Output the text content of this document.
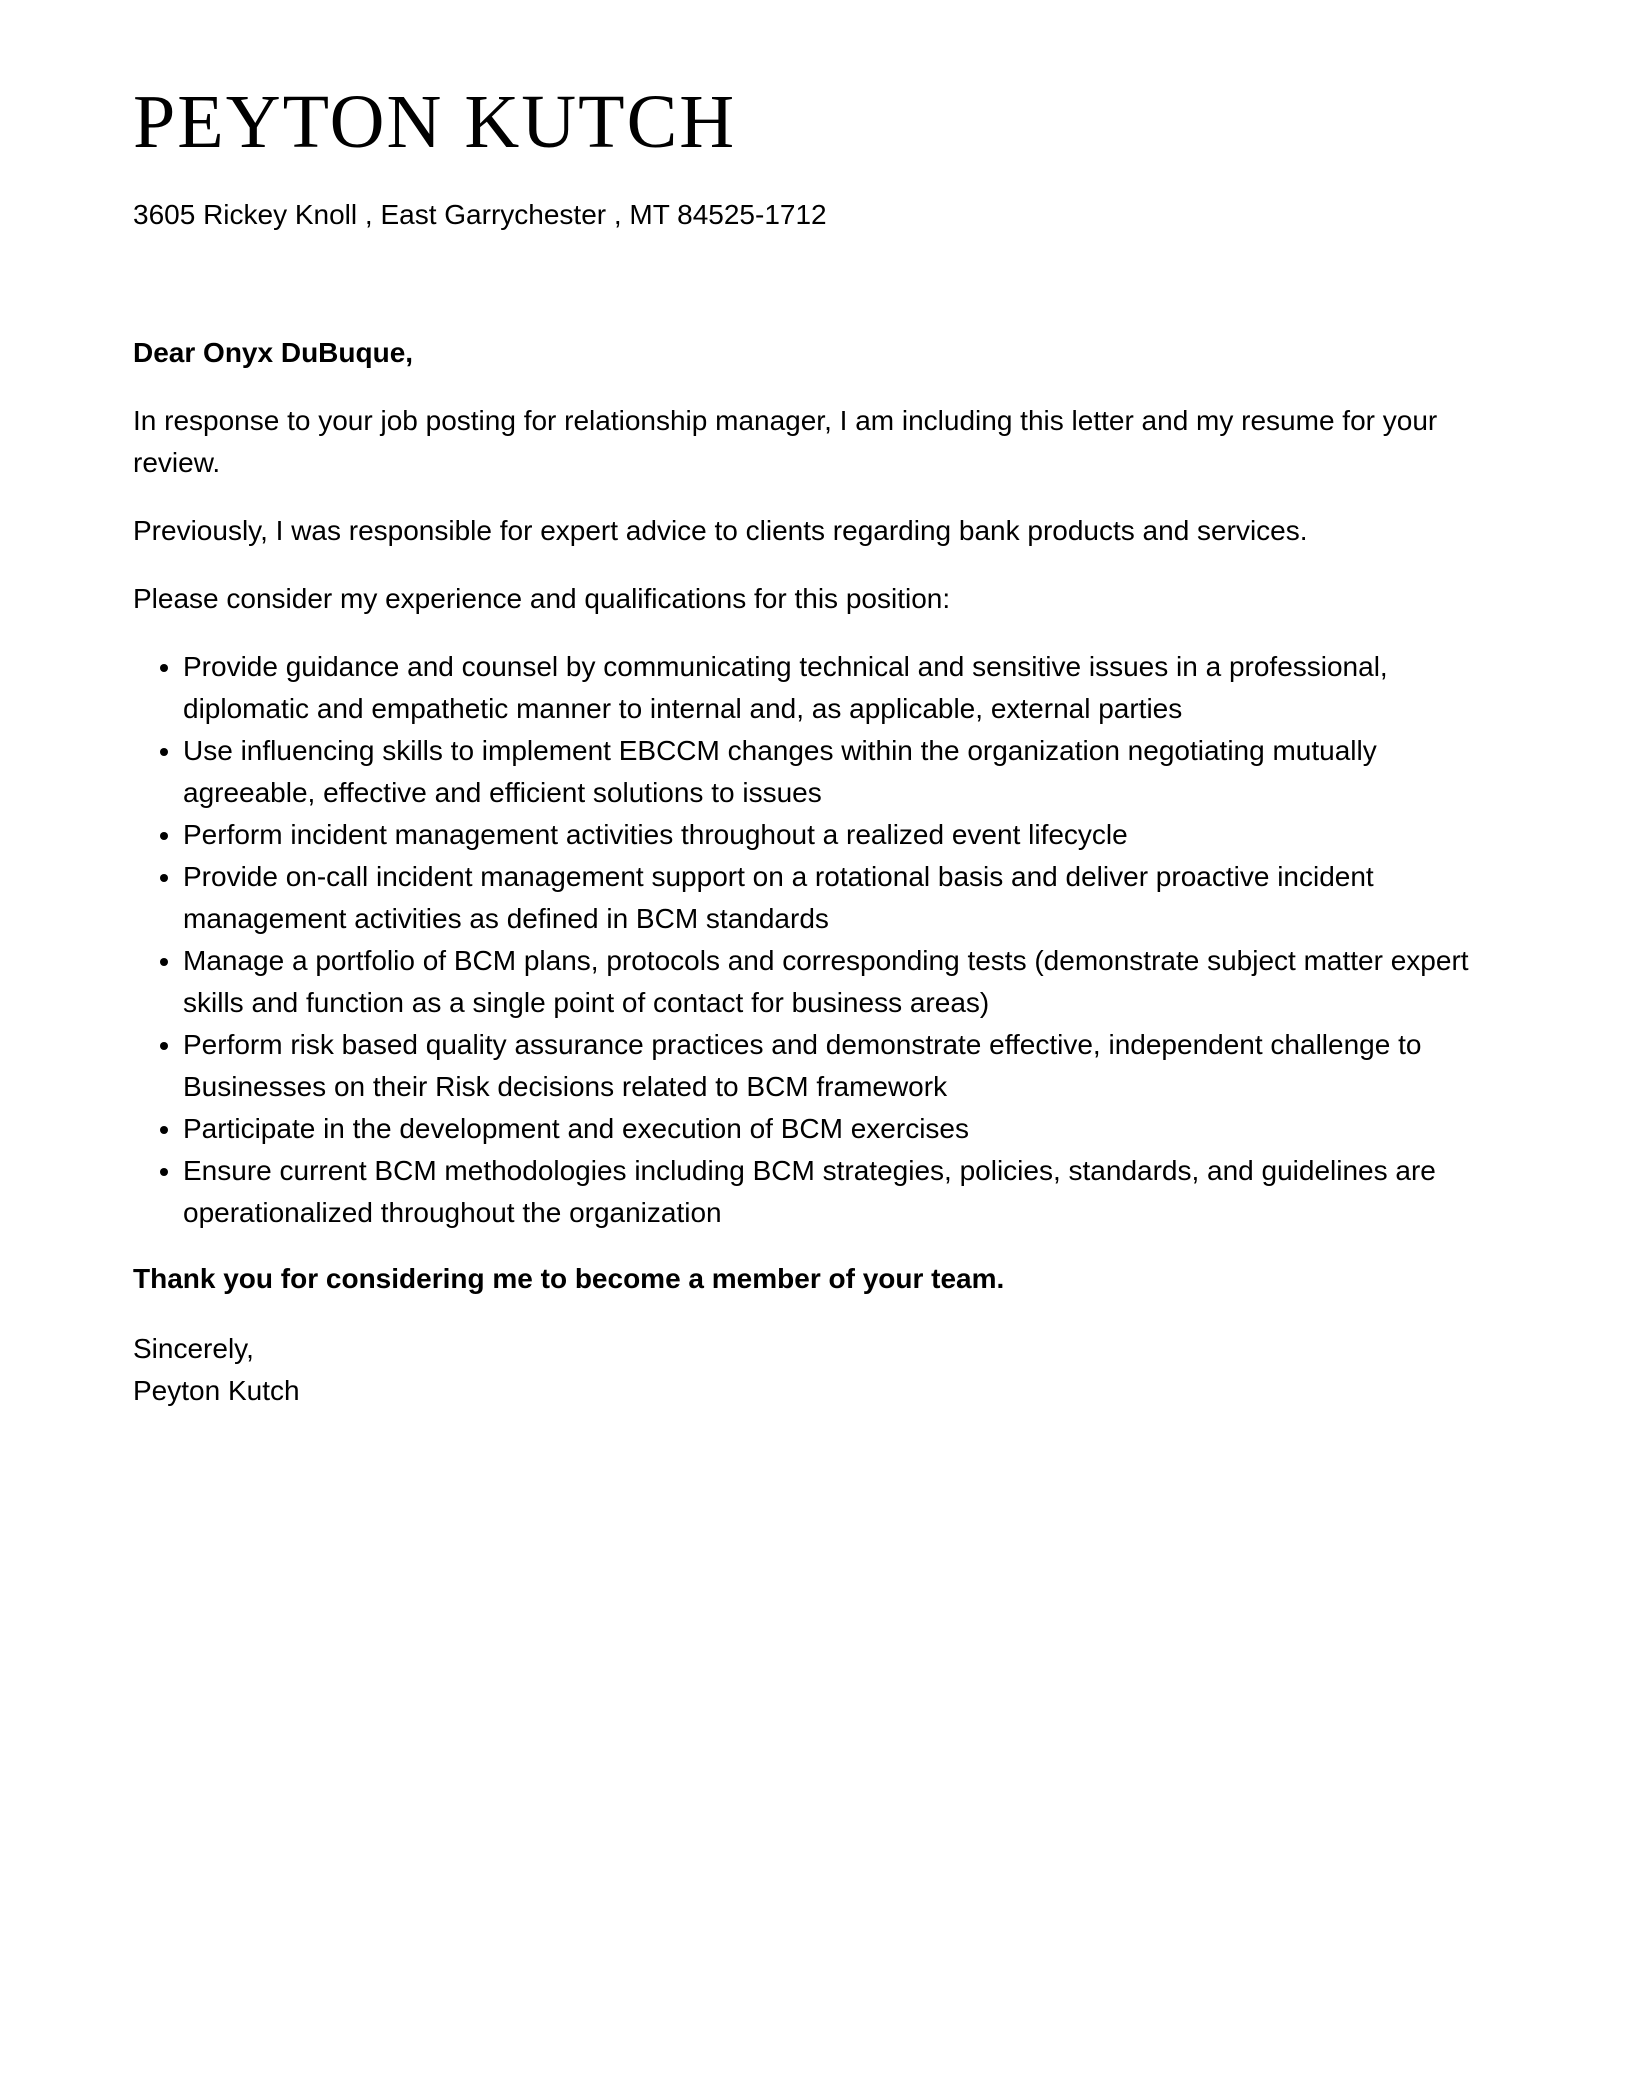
PEYTON KUTCH
3605 Rickey Knoll , East Garrychester , MT 84525-1712
Dear Onyx DuBuque,

In response to your job posting for relationship manager, I am including this letter and my resume for your review.

Previously, I was responsible for expert advice to clients regarding bank products and services.

Please consider my experience and qualifications for this position:

• Provide guidance and counsel by communicating technical and sensitive issues in a professional, diplomatic and empathetic manner to internal and, as applicable, external parties
• Use influencing skills to implement EBCCM changes within the organization negotiating mutually agreeable, effective and efficient solutions to issues
• Perform incident management activities throughout a realized event lifecycle
• Provide on-call incident management support on a rotational basis and deliver proactive incident management activities as defined in BCM standards
• Manage a portfolio of BCM plans, protocols and corresponding tests (demonstrate subject matter expert skills and function as a single point of contact for business areas)
• Perform risk based quality assurance practices and demonstrate effective, independent challenge to Businesses on their Risk decisions related to BCM framework
• Participate in the development and execution of BCM exercises
• Ensure current BCM methodologies including BCM strategies, policies, standards, and guidelines are operationalized throughout the organization
Thank you for considering me to become a member of your team.
Sincerely,
Peyton Kutch
